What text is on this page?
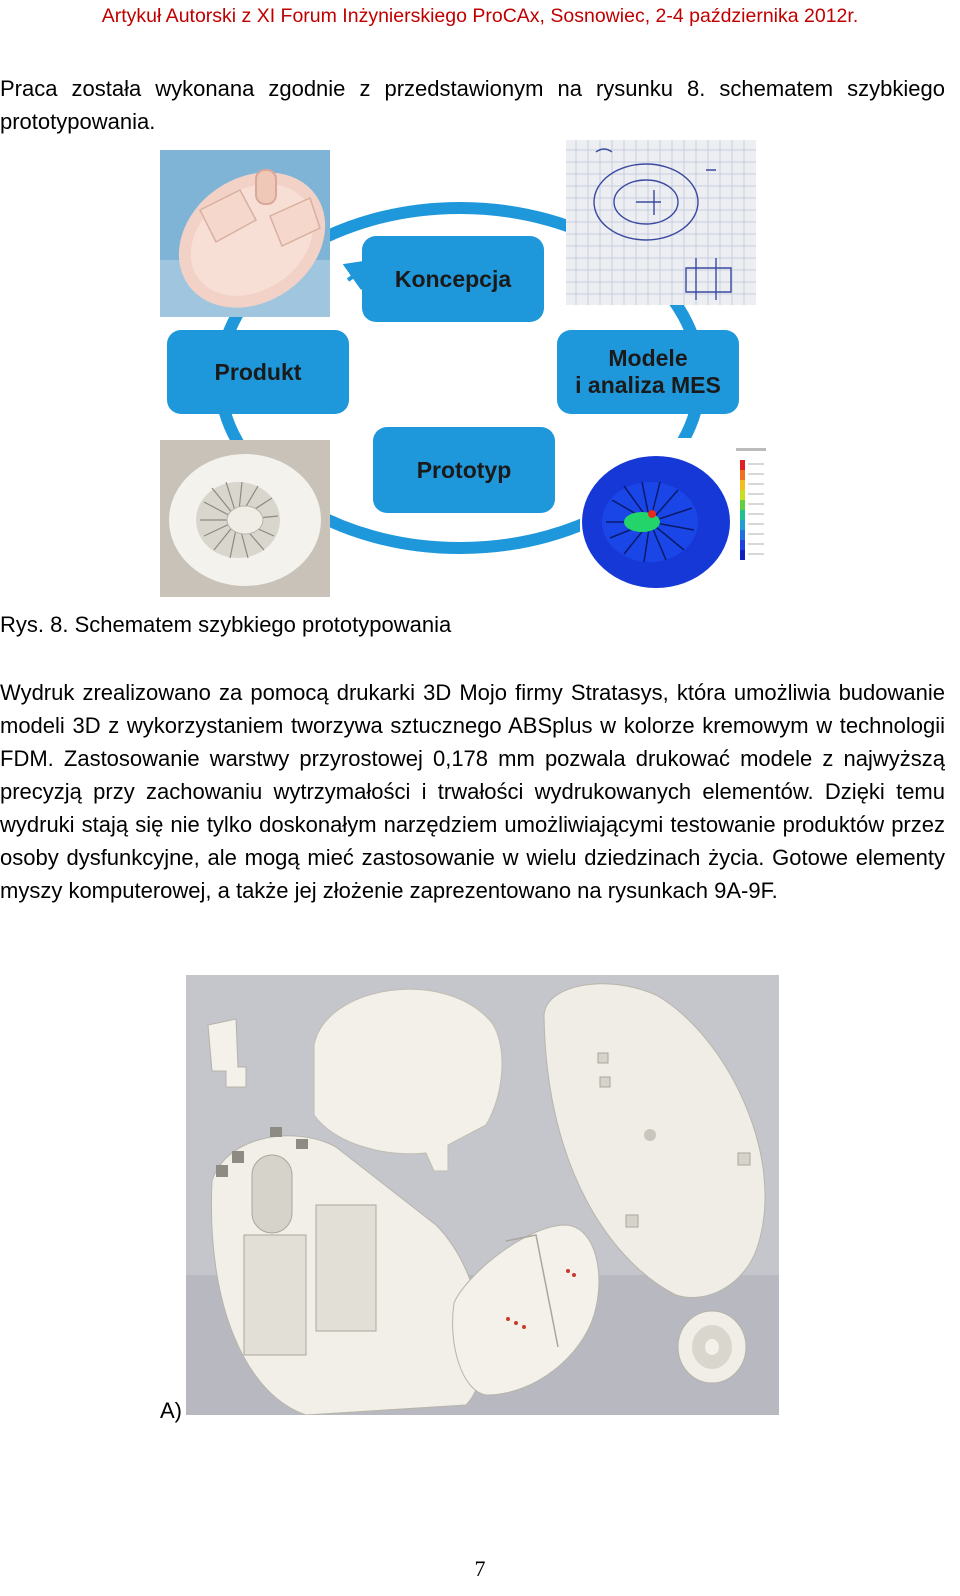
Artykuł Autorski z XI Forum Inżynierskiego ProCAx, Sosnowiec, 2-4 października 2012r.
Praca została wykonana zgodnie z przedstawionym na rysunku 8. schematem szybkiego prototypowania.
Koncepcja
Produkt
Modele
i analiza MES
Prototyp
Rys. 8. Schematem szybkiego prototypowania
Wydruk zrealizowano za pomocą drukarki 3D Mojo firmy Stratasys, która umożliwia budowanie modeli 3D z wykorzystaniem tworzywa sztucznego ABSplus w kolorze kremowym w technologii FDM. Zastosowanie warstwy przyrostowej 0,178 mm pozwala drukować modele z najwyższą precyzją przy zachowaniu wytrzymałości i trwałości wydrukowanych elementów. Dzięki temu wydruki stają się nie tylko doskonałym narzędziem umożliwiającymi testowanie produktów przez osoby dysfunkcyjne, ale mogą mieć zastosowanie w wielu dziedzinach życia. Gotowe elementy myszy komputerowej, a także jej złożenie zaprezentowano na rysunkach 9A-9F.
A)
7
